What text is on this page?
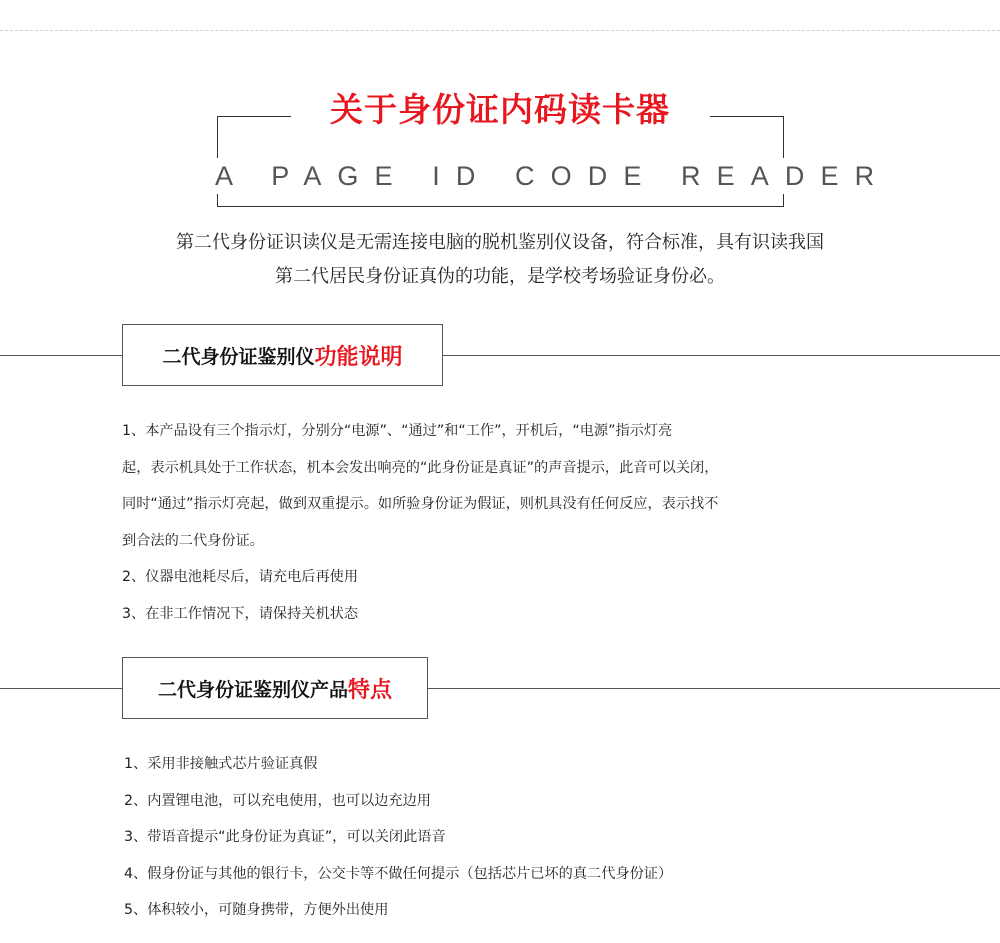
关于身份证内码读卡器
A PAGE ID CODE READER

第二代身份证识读仪是无需连接电脑的脱机鉴别仪设备，符合标准，具有识读我国

第二代居民身份证真伪的功能，是学校考场验证身份必。

二代身份证鉴别仪 功能说明

1、本产品设有三个指示灯，分别分“电源”、“通过”和“工作”，开机后，“电源”指示灯亮

起，表示机具处于工作状态，机本会发出响亮的“此身份证是真证”的声音提示，此音可以关闭，

同时“通过”指示灯亮起，做到双重提示。如所验身份证为假证，则机具没有任何反应，表示找不

到合法的二代身份证。

2、仪器电池耗尽后，请充电后再使用

3、在非工作情况下，请保持关机状态

二代身份证鉴别仪产品 特点

1、采用非接触式芯片验证真假

2、内置锂电池，可以充电使用，也可以边充边用

3、带语音提示“此身份证为真证”，可以关闭此语音

4、假身份证与其他的银行卡，公交卡等不做任何提示（包括芯片已坏的真二代身份证）

5、体积较小，可随身携带，方便外出使用
